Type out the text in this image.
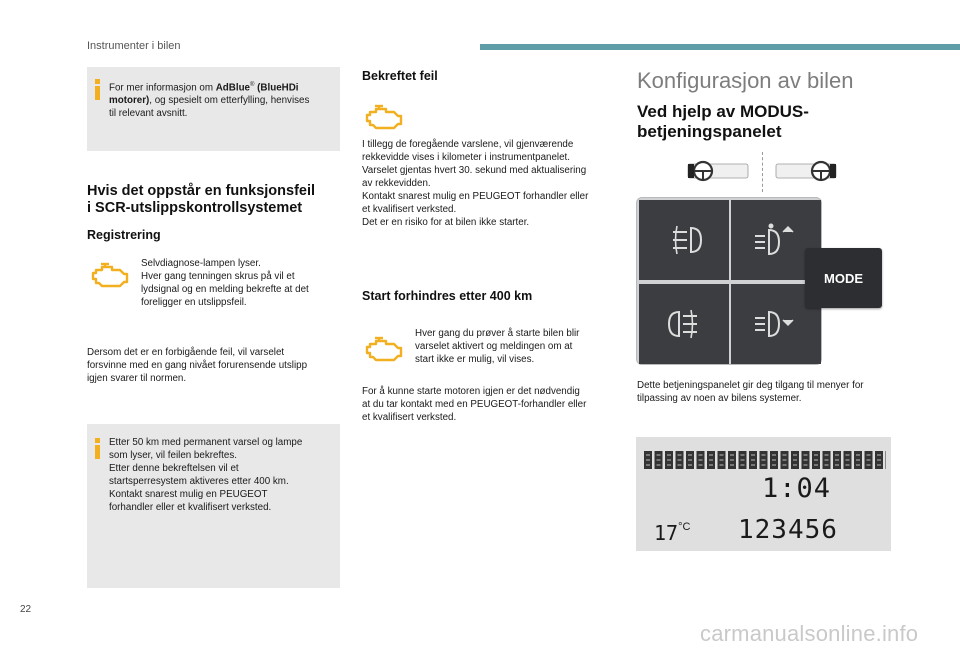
Instrumenter i bilen
For mer informasjon om AdBlue® (BlueHDi
motorer), og spesielt om etterfylling, henvises
til relevant avsnitt.
Hvis det oppstår en funksjonsfeil
i SCR-utslippskontrollsystemet
Registrering
Selvdiagnose-lampen lyser.
Hver gang tenningen skrus på vil et
lydsignal og en melding bekrefte at det
foreligger en utslippsfeil.
Dersom det er en forbigående feil, vil varselet
forsvinne med en gang nivået forurensende utslipp
igjen svarer til normen.
Etter 50 km med permanent varsel og lampe
som lyser, vil feilen bekreftes.
Etter denne bekreftelsen vil et
startsperresystem aktiveres etter 400 km.
Kontakt snarest mulig en PEUGEOT
forhandler eller et kvalifisert verksted.
Bekreftet feil
I tillegg de foregående varslene, vil gjenværende
rekkevidde vises i kilometer i instrumentpanelet.
Varselet gjentas hvert 30. sekund med aktualisering
av rekkevidden.
Kontakt snarest mulig en PEUGEOT forhandler eller
et kvalifisert verksted.
Det er en risiko for at bilen ikke starter.
Start forhindres etter 400 km
Hver gang du prøver å starte bilen blir
varselet aktivert og meldingen om at
start ikke er mulig, vil vises.
For å kunne starte motoren igjen er det nødvendig
at du tar kontakt med en PEUGEOT-forhandler eller
et kvalifisert verksted.
Konfigurasjon av bilen
Ved hjelp av MODUS-
betjeningspanelet
MODE
Dette betjeningspanelet gir deg tilgang til menyer for
tilpassing av noen av bilens systemer.
1:04
$17^{^\circ C}$ 123456
22
carmanualsonline.info
